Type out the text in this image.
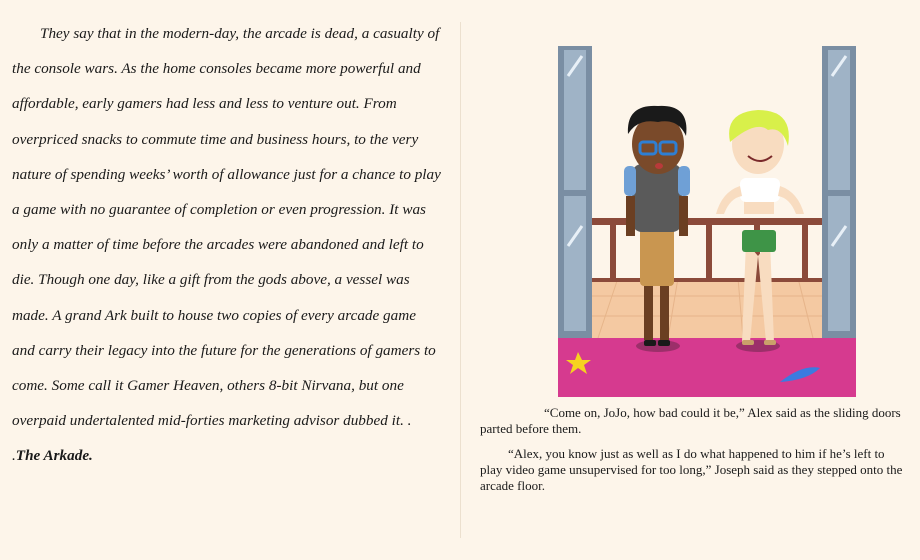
They say that in the modern-day, the arcade is dead, a casualty of the console wars. As the home consoles became more powerful and affordable, early gamers had less and less to venture out. From overpriced snacks to commute time and business hours, to the very nature of spending weeks’ worth of allowance just for a chance to play a game with no guarantee of completion or even progression. It was only a matter of time before the arcades were abandoned and left to die. Though one day, like a gift from the gods above, a vessel was made. A grand Ark built to house two copies of every arcade game and carry their legacy into the future for the generations of gamers to come. Some call it Gamer Heaven, others 8-bit Nirvana, but one overpaid undertalented mid-forties marketing advisor dubbed it. . .The Arkade.

“Come on, JoJo, how bad could it be,” Alex said as the sliding doors parted before them.

“Alex, you know just as well as I do what happened to him if he’s left to play video game unsupervised for too long,” Joseph said as they stepped onto the arcade floor.
